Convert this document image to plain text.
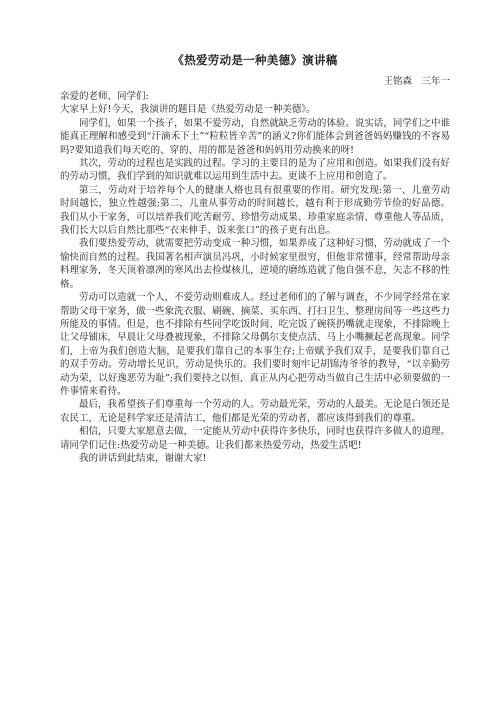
《热爱劳动是一种美德》演讲稿
王铭森　三年一

亲爱的老师、同学们:

大家早上好!今天，我演讲的题目是《热爱劳动是一种美德》。

同学们，如果一个孩子，如果不爱劳动，自然就缺乏劳动的体验。说实话，同学们之中谁能真正理解和感受到“汗滴禾下土”“粒粒皆辛苦”的涵义?你们能体会到爸爸妈妈赚钱的不容易吗?要知道我们每天吃的、穿的、用的都是爸爸和妈妈用劳动换来的呀!

其次，劳动的过程也是实践的过程。学习的主要目的是为了应用和创造。如果我们没有好的劳动习惯，我们学到的知识就难以运用到生活中去。更谈不上应用和创造了。

第三，劳动对于培养每个人的健康人格也具有很重要的作用。研究发现:第一、儿童劳动时间越长，独立性越强;第二，儿童从事劳动的时间越长，越有利于形成勤劳节俭的好品德。我们从小干家务，可以培养我们吃苦耐劳、珍惜劳动成果、珍重家庭亲情、尊重他人等品质，我们长大以后自然比那些“衣来伸手、饭来张口”的孩子更有出息。

我们要热爱劳动，就需要把劳动变成一种习惯，如果养成了这种好习惯，劳动就成了一个愉快而自然的过程。我国著名相声演员冯巩，小时候家里很穷，但他非常懂事，经常帮助母亲料理家务，冬天顶着凛冽的寒风出去捡煤核儿，逆境的磨练造就了他自强不息，矢志不移的性格。

劳动可以造就一个人，不爱劳动则难成人。经过老师们的了解与调查，不少同学经常在家帮助父母干家务，做一些象洗衣服、刷碗、摘菜、买东西、打扫卫生、整理房间等一些这些力所能及的事情。但是，也不排除有些同学吃饭时间、吃完饭了碗筷扔嘴就走现象，不排除晚上让父母铺床，早晨让父母叠被现象，不排除父母偶尔支使点活、马上小嘴撅起老高现象。同学们，上帝为我们创造大脑，是要我们靠自己的本事生存;上帝赋予我们双手，是要我们靠自己的双手劳动。劳动增长见识，劳动是快乐的。我们要时刻牢记胡锦涛爷爷的教导，“以辛勤劳动为荣，以好逸恶劳为耻”;我们要持之以恒，真正从内心把劳动当做自己生活中必须要做的一件事情来看待。

最后，我希望孩子们尊重每一个劳动的人。劳动最光荣，劳动的人最美。无论是白领还是农民工，无论是科学家还是清洁工，他们都是光荣的劳动者，都应该得到我们的尊重。

相信，只要大家愿意去做，一定能从劳动中获得许多快乐，同时也获得许多做人的道理。请同学们记住:热爱劳动是一种美德。让我们都来热爱劳动，热爱生活吧!

我的讲话到此结束，谢谢大家!
